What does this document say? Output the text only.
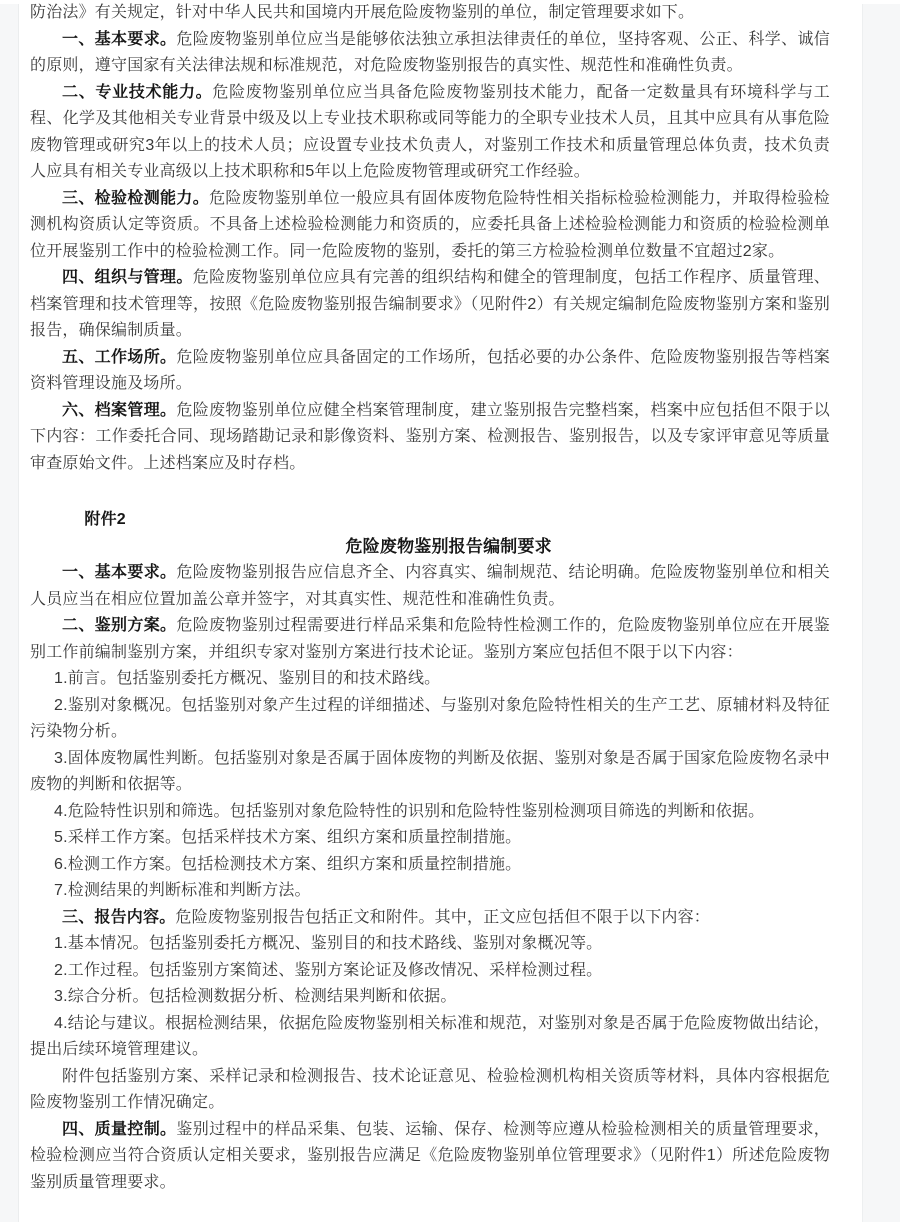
防治法》有关规定，针对中华人民共和国境内开展危险废物鉴别的单位，制定管理要求如下。
一、基本要求。危险废物鉴别单位应当是能够依法独立承担法律责任的单位，坚持客观、公正、科学、诚信的原则，遵守国家有关法律法规和标准规范，对危险废物鉴别报告的真实性、规范性和准确性负责。
二、专业技术能力。危险废物鉴别单位应当具备危险废物鉴别技术能力，配备一定数量具有环境科学与工程、化学及其他相关专业背景中级及以上专业技术职称或同等能力的全职专业技术人员，且其中应具有从事危险废物管理或研究3年以上的技术人员；应设置专业技术负责人，对鉴别工作技术和质量管理总体负责，技术负责人应具有相关专业高级以上技术职称和5年以上危险废物管理或研究工作经验。
三、检验检测能力。危险废物鉴别单位一般应具有固体废物危险特性相关指标检验检测能力，并取得检验检测机构资质认定等资质。不具备上述检验检测能力和资质的，应委托具备上述检验检测能力和资质的检验检测单位开展鉴别工作中的检验检测工作。同一危险废物的鉴别，委托的第三方检验检测单位数量不宜超过2家。
四、组织与管理。危险废物鉴别单位应具有完善的组织结构和健全的管理制度，包括工作程序、质量管理、档案管理和技术管理等，按照《危险废物鉴别报告编制要求》（见附件2）有关规定编制危险废物鉴别方案和鉴别报告，确保编制质量。
五、工作场所。危险废物鉴别单位应具备固定的工作场所，包括必要的办公条件、危险废物鉴别报告等档案资料管理设施及场所。
六、档案管理。危险废物鉴别单位应健全档案管理制度，建立鉴别报告完整档案，档案中应包括但不限于以下内容：工作委托合同、现场踏勘记录和影像资料、鉴别方案、检测报告、鉴别报告，以及专家评审意见等质量审查原始文件。上述档案应及时存档。
附件2
危险废物鉴别报告编制要求
一、基本要求。危险废物鉴别报告应信息齐全、内容真实、编制规范、结论明确。危险废物鉴别单位和相关人员应当在相应位置加盖公章并签字，对其真实性、规范性和准确性负责。
二、鉴别方案。危险废物鉴别过程需要进行样品采集和危险特性检测工作的，危险废物鉴别单位应在开展鉴别工作前编制鉴别方案，并组织专家对鉴别方案进行技术论证。鉴别方案应包括但不限于以下内容：
1.前言。包括鉴别委托方概况、鉴别目的和技术路线。
2.鉴别对象概况。包括鉴别对象产生过程的详细描述、与鉴别对象危险特性相关的生产工艺、原辅材料及特征污染物分析。
3.固体废物属性判断。包括鉴别对象是否属于固体废物的判断及依据、鉴别对象是否属于国家危险废物名录中废物的判断和依据等。
4.危险特性识别和筛选。包括鉴别对象危险特性的识别和危险特性鉴别检测项目筛选的判断和依据。
5.采样工作方案。包括采样技术方案、组织方案和质量控制措施。
6.检测工作方案。包括检测技术方案、组织方案和质量控制措施。
7.检测结果的判断标准和判断方法。
三、报告内容。危险废物鉴别报告包括正文和附件。其中，正文应包括但不限于以下内容：
1.基本情况。包括鉴别委托方概况、鉴别目的和技术路线、鉴别对象概况等。
2.工作过程。包括鉴别方案简述、鉴别方案论证及修改情况、采样检测过程。
3.综合分析。包括检测数据分析、检测结果判断和依据。
4.结论与建议。根据检测结果，依据危险废物鉴别相关标准和规范，对鉴别对象是否属于危险废物做出结论，提出后续环境管理建议。
附件包括鉴别方案、采样记录和检测报告、技术论证意见、检验检测机构相关资质等材料，具体内容根据危险废物鉴别工作情况确定。
四、质量控制。鉴别过程中的样品采集、包装、运输、保存、检测等应遵从检验检测相关的质量管理要求，检验检测应当符合资质认定相关要求，鉴别报告应满足《危险废物鉴别单位管理要求》（见附件1）所述危险废物鉴别质量管理要求。
